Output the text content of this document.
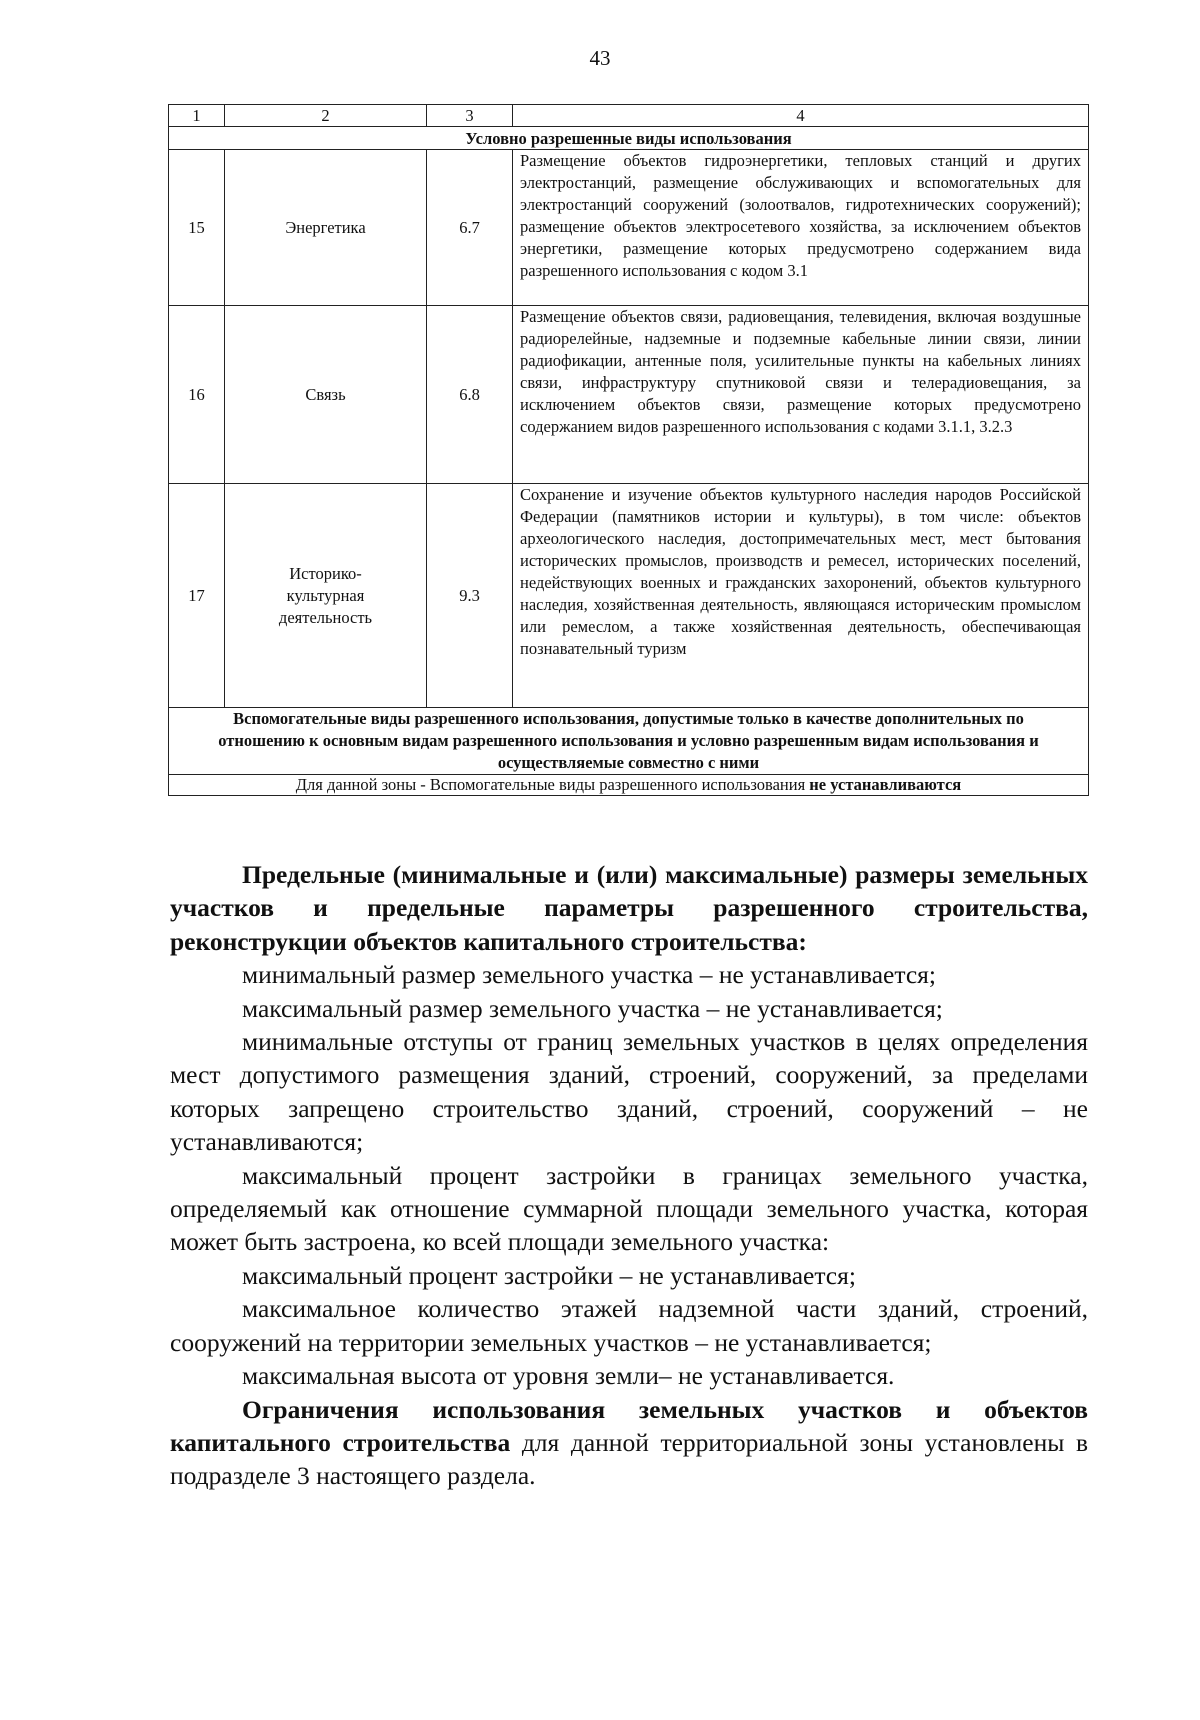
43
1	2	3	4
Условно разрешенные виды использования			
15	Энергетика	6.7	Размещение объектов гидроэнергетики, тепловых станций и других электростанций, размещение обслуживающих и вспомогательных для электростанций сооружений (золоотвалов, гидротехнических сооружений); размещение объектов электросетевого хозяйства, за исключением объектов энергетики, размещение которых предусмотрено содержанием вида разрешенного использования с кодом 3.1
16	Связь	6.8	Размещение объектов связи, радиовещания, телевидения, включая воздушные радиорелейные, надземные и подземные кабельные линии связи, линии радиофикации, антенные поля, усилительные пункты на кабельных линиях связи, инфраструктуру спутниковой связи и телерадиовещания, за исключением объектов связи, размещение которых предусмотрено содержанием видов разрешенного использования с кодами 3.1.1, 3.2.3
17	Историко-культурная деятельность	9.3	Сохранение и изучение объектов культурного наследия народов Российской Федерации (памятников истории и культуры), в том числе: объектов археологического наследия, достопримечательных мест, мест бытования исторических промыслов, производств и ремесел, исторических поселений, недействующих военных и гражданских захоронений, объектов культурного наследия, хозяйственная деятельность, являющаяся историческим промыслом или ремеслом, а также хозяйственная деятельность, обеспечивающая познавательный туризм
Вспомогательные виды разрешенного использования, допустимые только в качестве дополнительных по отношению к основным видам разрешенного использования и условно разрешенным видам использования и осуществляемые совместно с ними			
Для данной зоны - Вспомогательные виды разрешенного использования не устанавливаются			

Предельные (минимальные и (или) максимальные) размеры земельных участков и предельные параметры разрешенного строительства, реконструкции объектов капитального строительства:

минимальный размер земельного участка – не устанавливается;

максимальный размер земельного участка – не устанавливается;

минимальные отступы от границ земельных участков в целях определения мест допустимого размещения зданий, строений, сооружений, за пределами которых запрещено строительство зданий, строений, сооружений – не устанавливаются;

максимальный процент застройки в границах земельного участка, определяемый как отношение суммарной площади земельного участка, которая может быть застроена, ко всей площади земельного участка:

максимальный процент застройки – не устанавливается;

максимальное количество этажей надземной части зданий, строений, сооружений на территории земельных участков – не устанавливается;

максимальная высота от уровня земли– не устанавливается.

Ограничения использования земельных участков и объектов капитального строительства для данной территориальной зоны установлены в подразделе 3 настоящего раздела.
